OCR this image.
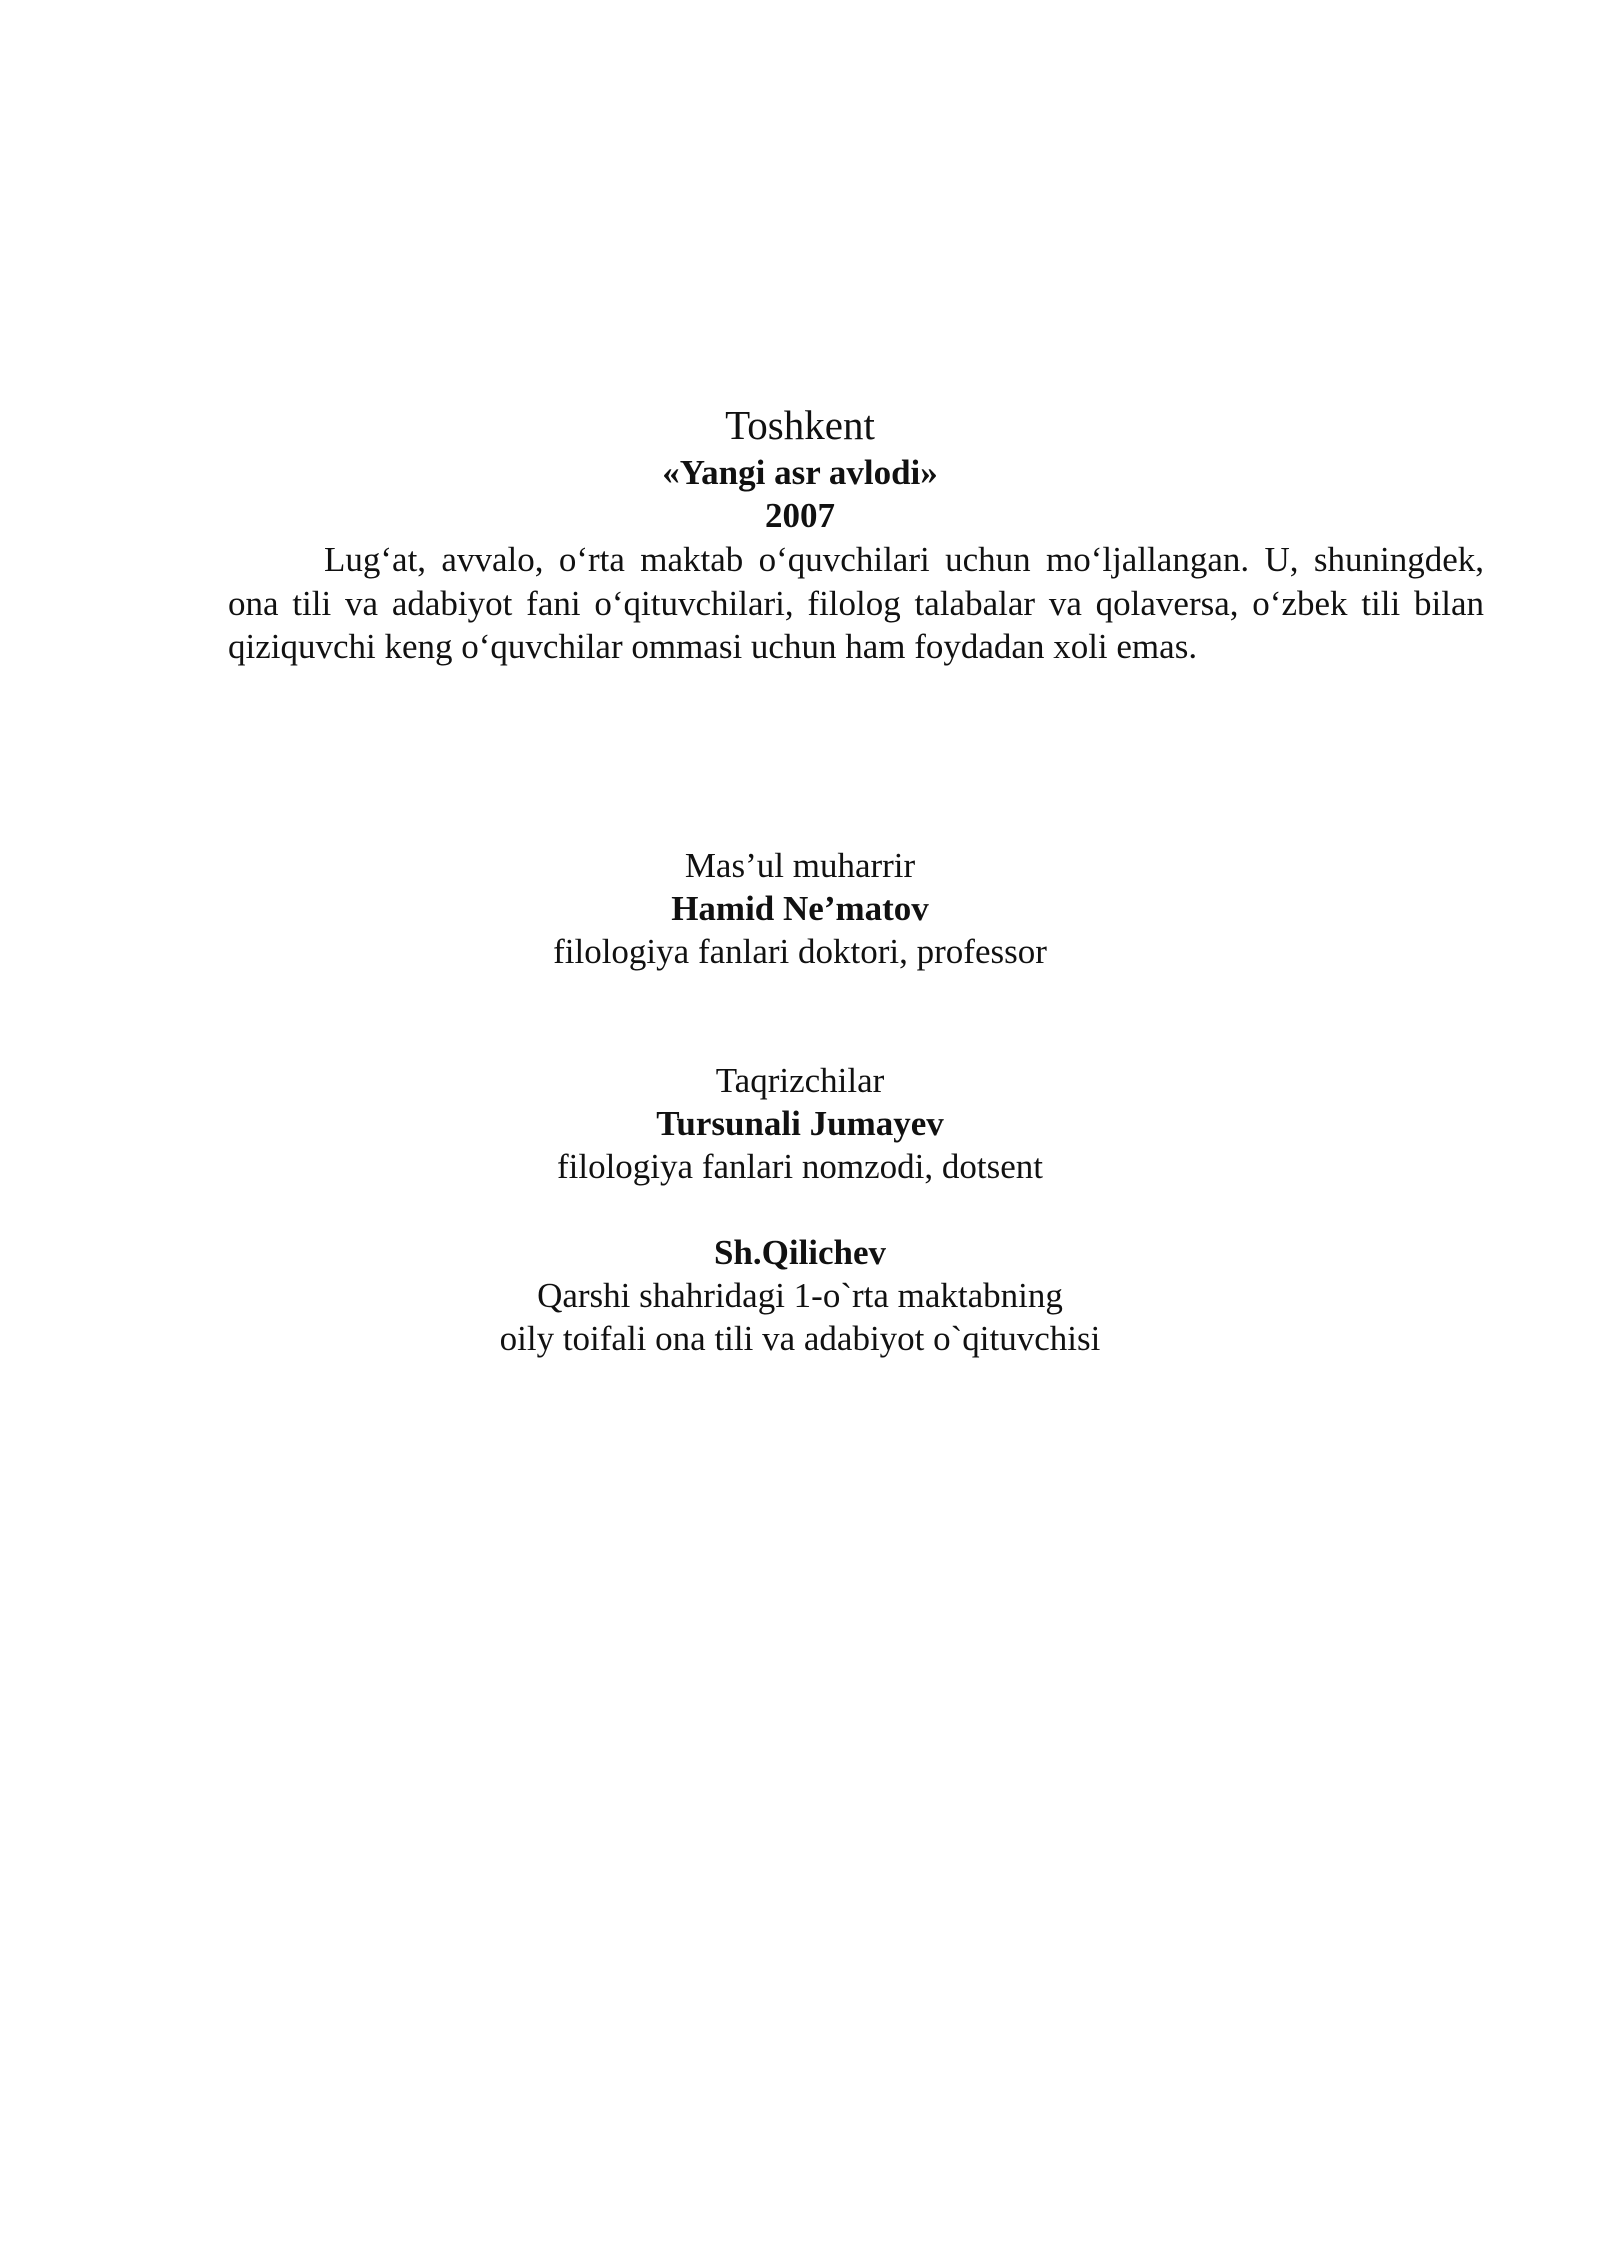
Toshkent
«Yangi asr avlodi»
2007

Lug‘at, avvalo, o‘rta maktab o‘quvchilari uchun mo‘ljallangan. U, shuningdek, ona tili va adabiyot fani o‘qituvchilari, filolog talabalar va qolaversa, o‘zbek tili bilan qiziquvchi keng o‘quvchilar ommasi uchun ham foydadan xoli emas.

Mas’ul muharrir
Hamid Ne’matov
filologiya fanlari doktori, professor
Taqrizchilar
Tursunali Jumayev
filologiya fanlari nomzodi, dotsent
Sh.Qilichev
Qarshi shahridagi 1-o`rta maktabning
oily toifali ona tili va adabiyot o`qituvchisi
